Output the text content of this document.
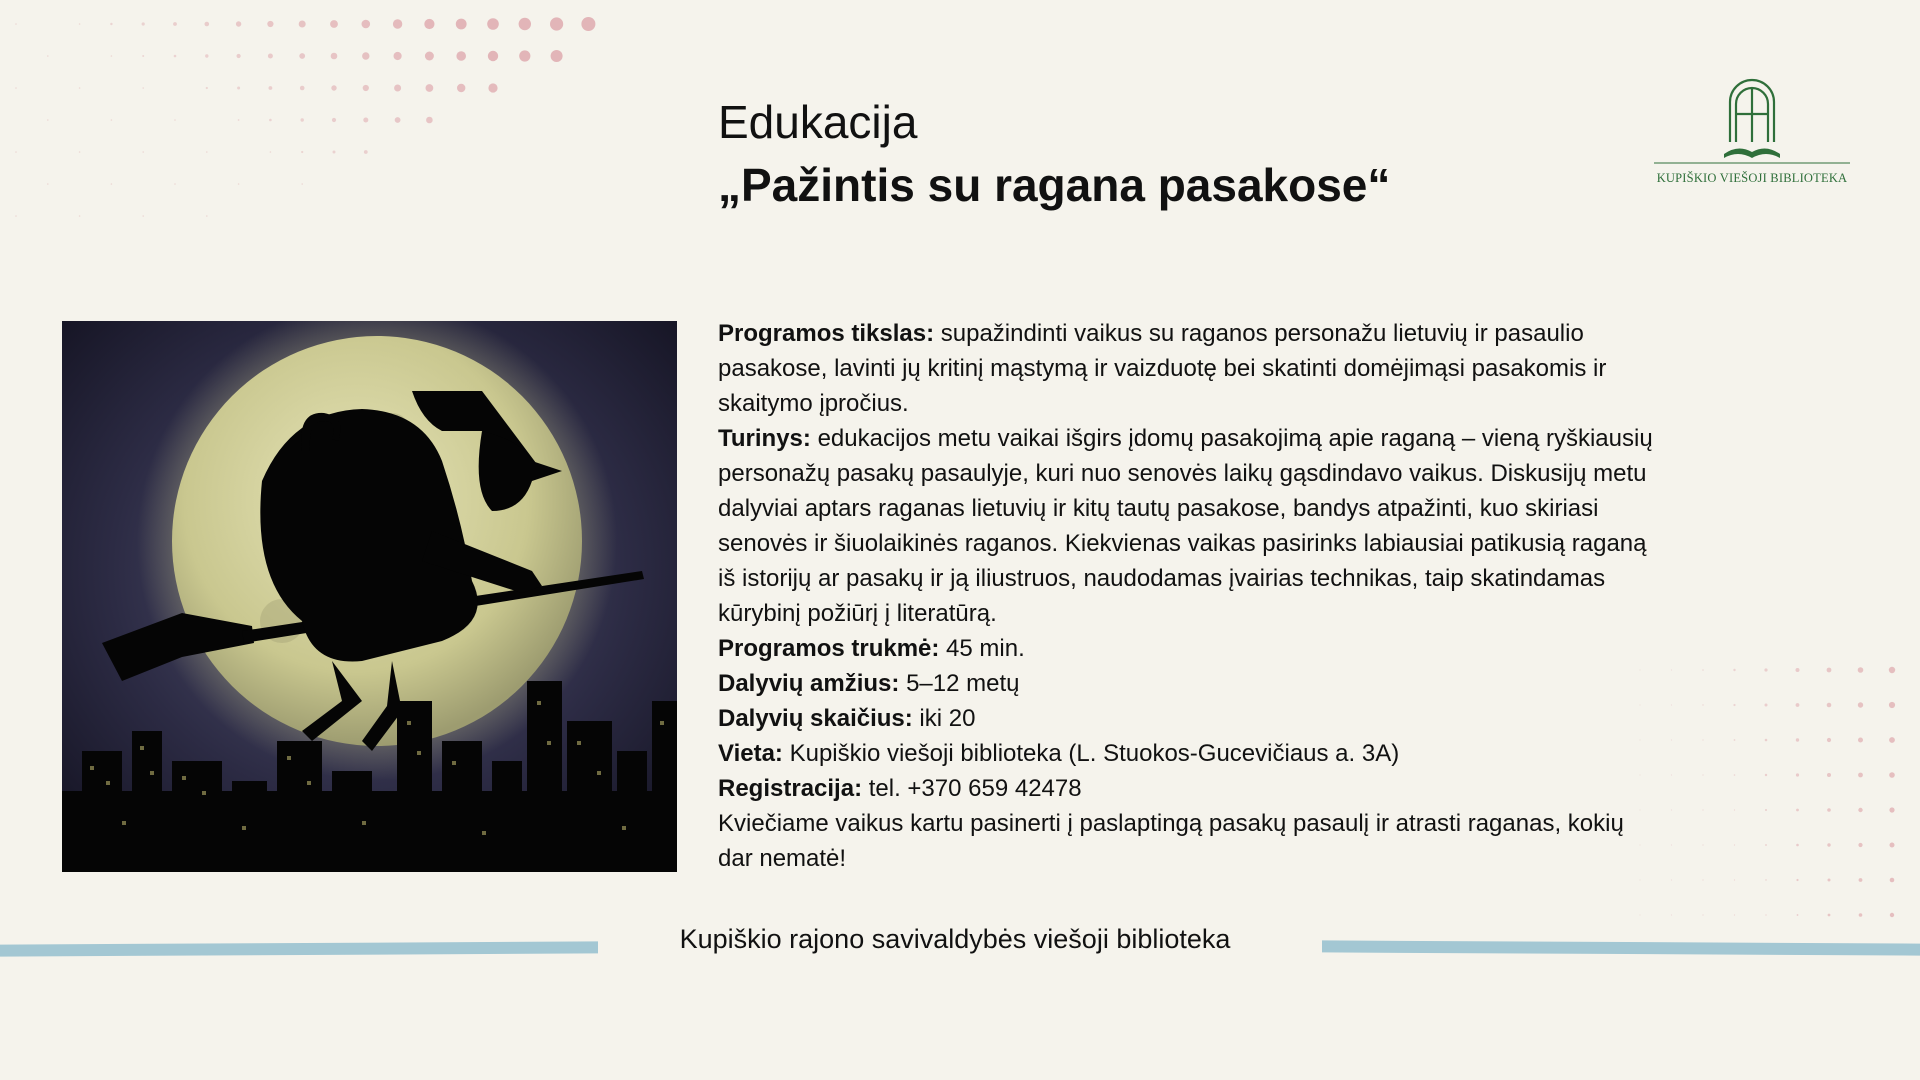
Edukacija
„Pažintis su ragana pasakose“	KUPIŠKIO VIEŠOJI BIBLIOTEKA

Programos tikslas: supažindinti vaikus su raganos personažu lietuvių ir pasaulio pasakose, lavinti jų kritinį mąstymą ir vaizduotę bei skatinti domėjimąsi pasakomis ir skaitymo įpročius.

Turinys: edukacijos metu vaikai išgirs įdomų pasakojimą apie raganą – vieną ryškiausių personažų pasakų pasaulyje, kuri nuo senovės laikų gąsdindavo vaikus. Diskusijų metu dalyviai aptars raganas lietuvių ir kitų tautų pasakose, bandys atpažinti, kuo skiriasi senovės ir šiuolaikinės raganos. Kiekvienas vaikas pasirinks labiausiai patikusią raganą iš istorijų ar pasakų ir ją iliustruos, naudodamas įvairias technikas, taip skatindamas kūrybinį požiūrį į literatūrą.

Programos trukmė: 45 min.

Dalyvių amžius: 5–12 metų

Dalyvių skaičius: iki 20

Vieta: Kupiškio viešoji biblioteka (L. Stuokos-Gucevičiaus a. 3A)

Registracija: tel. +370 659 42478

Kviečiame vaikus kartu pasinerti į paslaptingą pasakų pasaulį ir atrasti raganas, kokių dar nematė!

Kupiškio rajono savivaldybės viešoji biblioteka
